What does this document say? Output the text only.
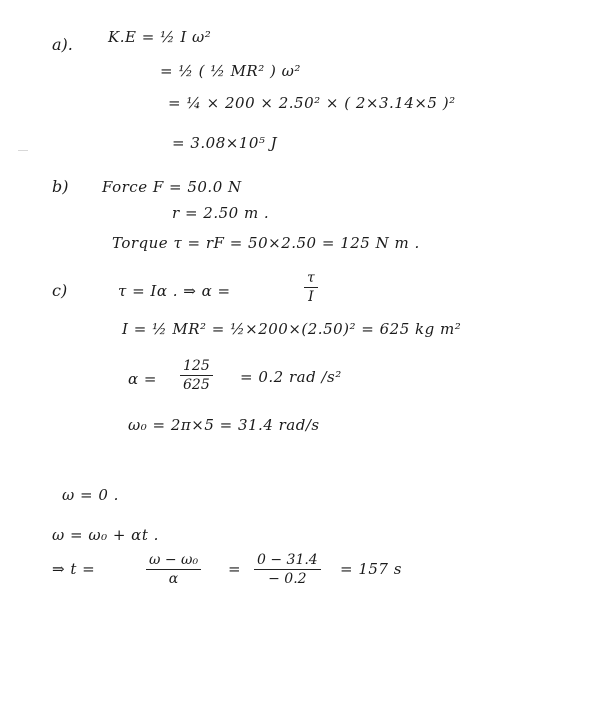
a). K.E = ½ I ω²
= ½ ( ½ MR² ) ω²
= ¼ × 200 × 2.50² × ( 2×3.14×5 )²
= 3.08×10⁵ J
b) Force F = 50.0 N
r = 2.50 m .
Torque τ = rF = 50×2.50 = 125 N m .
c)	τ = Iα . ⇒ α =	$\frac{\tau}{I}$
I = ½ MR² = ½×200×(2.50)² = 625 kg m²
$\alpha = \frac{125}{625} = 0.2$ rad /s²
ω₀ = 2π×5 = 31.4 rad/s
ω = 0 .
ω = ω₀ + αt .
⇒ t =	$\frac{\text{ω − ω₀}}{\alpha} = \frac{0 - 31.4}{- 0.2} = 157$ s
